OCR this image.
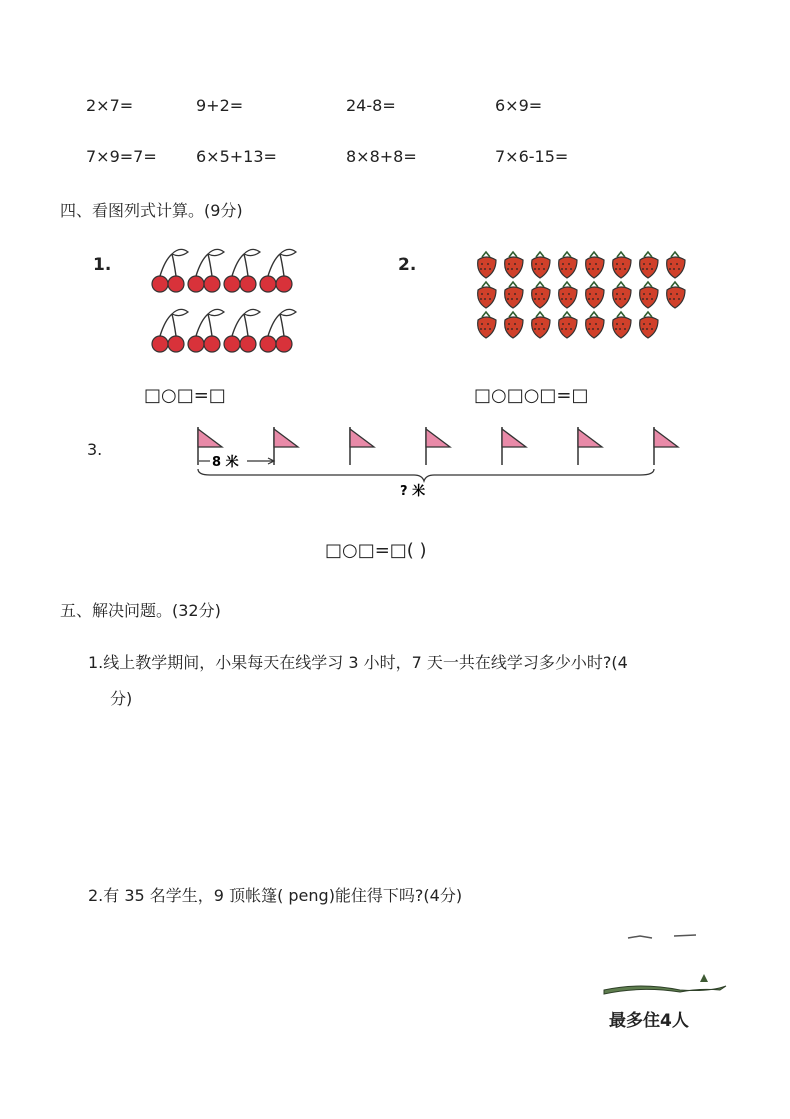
2×7=	9+2=	24-8=	6×9=
7×9=7= 6×5+13=	8×8+8=	7×6-15=
四、看图列式计算。(9分)
1.
□○□=□
2.
□○□○□=□
3.
8 米
? 米
□○□=□( )
五、解决问题。(32分)
1.线上教学期间，小果每天在线学习 3 小时，7 天一共在线学习多少小时?(4
分)
2.有 35 名学生，9 顶帐篷( peng)能住得下吗?(4分)
最多住4人
